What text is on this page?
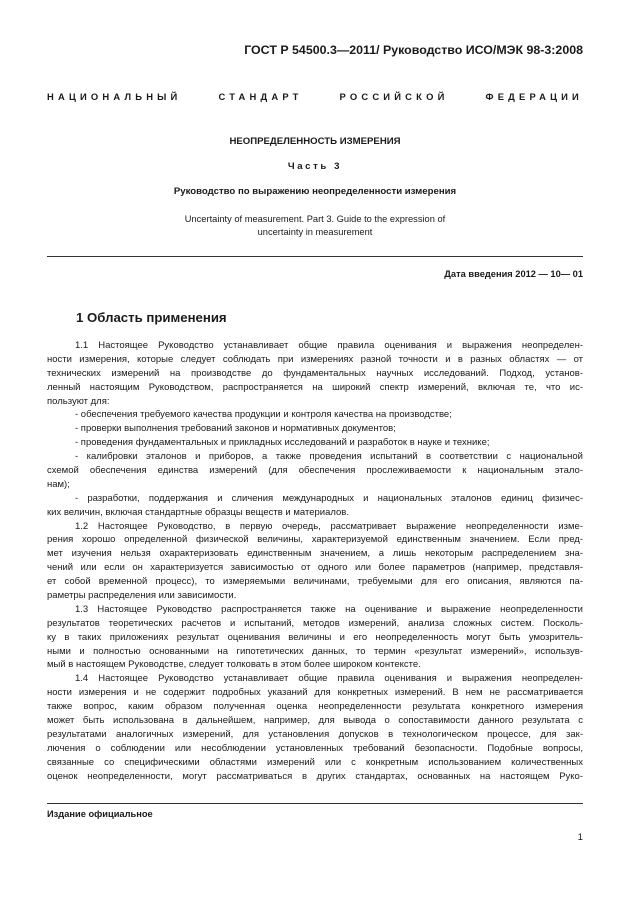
ГОСТ Р 54500.3—2011/ Руководство ИСО/МЭК 98-3:2008
НАЦИОНАЛЬНЫЙ СТАНДАРТ РОССИЙСКОЙ ФЕДЕРАЦИИ
НЕОПРЕДЕЛЕННОСТЬ ИЗМЕРЕНИЯ
Часть 3
Руководство по выражению неопределенности измерения
Uncertainty of measurement. Part 3. Guide to the expression of
uncertainty in measurement
Дата введения 2012 — 10— 01
1 Область применения
1.1 Настоящее Руководство устанавливает общие правила оценивания и выражения неопределен-
ности измерения, которые следует соблюдать при измерениях разной точности и в разных областях — от
технических измерений на производстве до фундаментальных научных исследований. Подход, установ-
ленный настоящим Руководством, распространяется на широкий спектр измерений, включая те, что ис-
пользуют для:
- обеспечения требуемого качества продукции и контроля качества на производстве;
- проверки выполнения требований законов и нормативных документов;
- проведения фундаментальных и прикладных исследований и разработок в науке и технике;
- калибровки эталонов и приборов, а также проведения испытаний в соответствии с национальной
схемой обеспечения единства измерений (для обеспечения прослеживаемости к национальным этало-
нам);
- разработки, поддержания и сличения международных и национальных эталонов единиц физичес-
ких величин, включая стандартные образцы веществ и материалов.
1.2 Настоящее Руководство, в первую очередь, рассматривает выражение неопределенности изме-
рения хорошо определенной физической величины, характеризуемой единственным значением. Если пред-
мет изучения нельзя охарактеризовать единственным значением, а лишь некоторым распределением зна-
чений или если он характеризуется зависимостью от одного или более параметров (например, представля-
ет собой временной процесс), то измеряемыми величинами, требуемыми для его описания, являются па-
раметры распределения или зависимости.
1.3 Настоящее Руководство распространяется также на оценивание и выражение неопределенности
результатов теоретических расчетов и испытаний, методов измерений, анализа сложных систем. Посколь-
ку в таких приложениях результат оценивания величины и его неопределенность могут быть умозритель-
ными и полностью основанными на гипотетических данных, то термин «результат измерений», использув-
мый в настоящем Руководстве, следует толковать в этом более широком контексте.
1.4 Настоящее Руководство устанавливает общие правила оценивания и выражения неопределен-
ности измерения и не содержит подробных указаний для конкретных измерений. В нем не рассматривается
также вопрос, каким образом полученная оценка неопределенности результата конкретного измерения
может быть использована в дальнейшем, например, для вывода о сопоставимости данного результата с
результатами аналогичных измерений, для установления допусков в технологическом процессе, для зак-
лючения о соблюдении или несоблюдении установленных требований безопасности. Подобные вопросы,
связанные со специфическими областями измерений или с конкретным использованием количественных
оценок неопределенности, могут рассматриваться в других стандартах, основанных на настоящем Руко-
Издание официальное
1
